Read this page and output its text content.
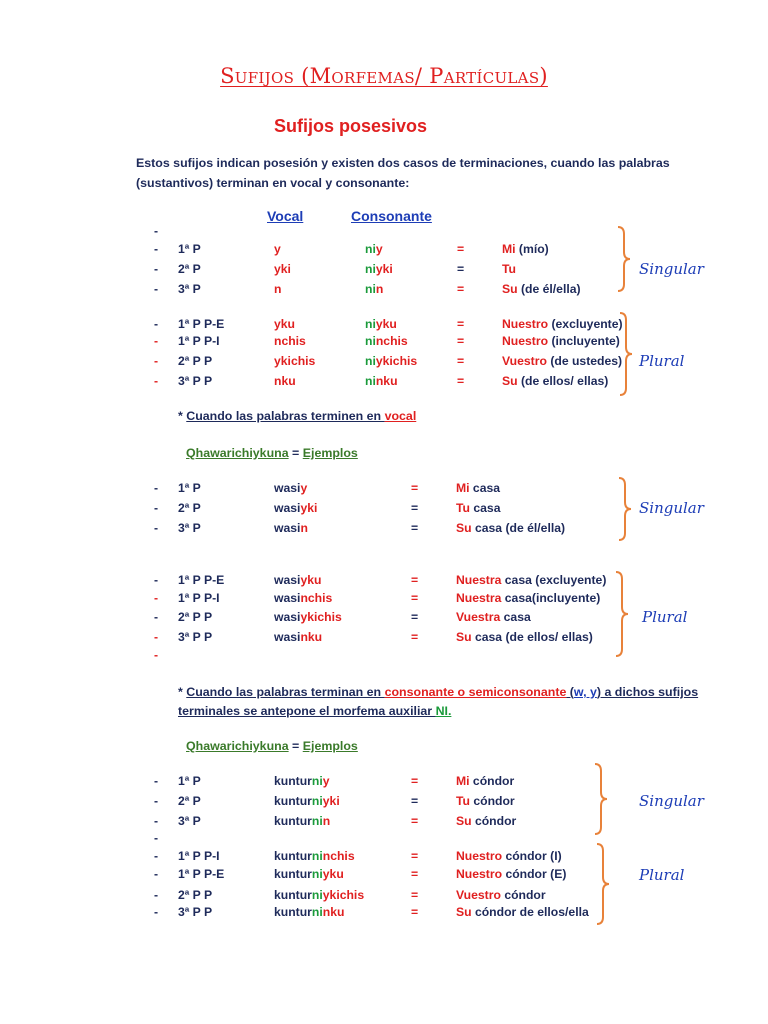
Sufijos (Morfemas/ Partículas)
Sufijos posesivos
Estos sufijos indican posesión y existen dos casos de terminaciones, cuando las palabras (sustantivos) terminan en vocal y consonante:
Vocal	Consonante
-
- 1ª P	y	niy	=	Mi (mío)
- 2ª P	yki	niyki	=	Tu
- 3ª P	n	nin	=	Su (de él/ella)
- 1ª P P-E	yku	niyku	=	Nuestro (excluyente)
- 1ª P P-I	nchis	ninchis	=	Nuestro (incluyente)
- 2ª P P	ykichis	niykichis	=	Vuestro (de ustedes)
- 3ª P P	nku	ninku	=	Su (de ellos/ ellas)
Singular
Plural
* Cuando las palabras terminen en vocal
Qhawarichiykuna = Ejemplos
- 1ª P	wasiy	=	Mi casa
- 2ª P	wasiyki	=	Tu casa
- 3ª P	wasin	=	Su casa (de él/ella)
- 1ª P P-E	wasiyku	=	Nuestra casa (excluyente)
- 1ª P P-I	wasinchis	=	Nuestra casa(incluyente)
- 2ª P P	wasiykichis	=	Vuestra casa
- 3ª P P	wasinku	=	Su casa (de ellos/ ellas)
-
Singular
Plural
* Cuando las palabras terminan en consonante o semiconsonante (w, y) a dichos sufijos terminales se antepone el morfema auxiliar NI.
Qhawarichiykuna = Ejemplos
- 1ª P	kunturniy	=	Mi cóndor
- 2ª P	kunturniyki	=	Tu cóndor
- 3ª P	kunturnin	=	Su cóndor
- 1ª P P-I	kunturninchis	=	Nuestro cóndor (I)
- 1ª P P-E	kunturniyku	=	Nuestro cóndor (E)
- 2ª P P	kunturniykichis	=	Vuestro cóndor
- 3ª P P	kunturninku	=	Su cóndor de ellos/ella
-
Singular
Plural
